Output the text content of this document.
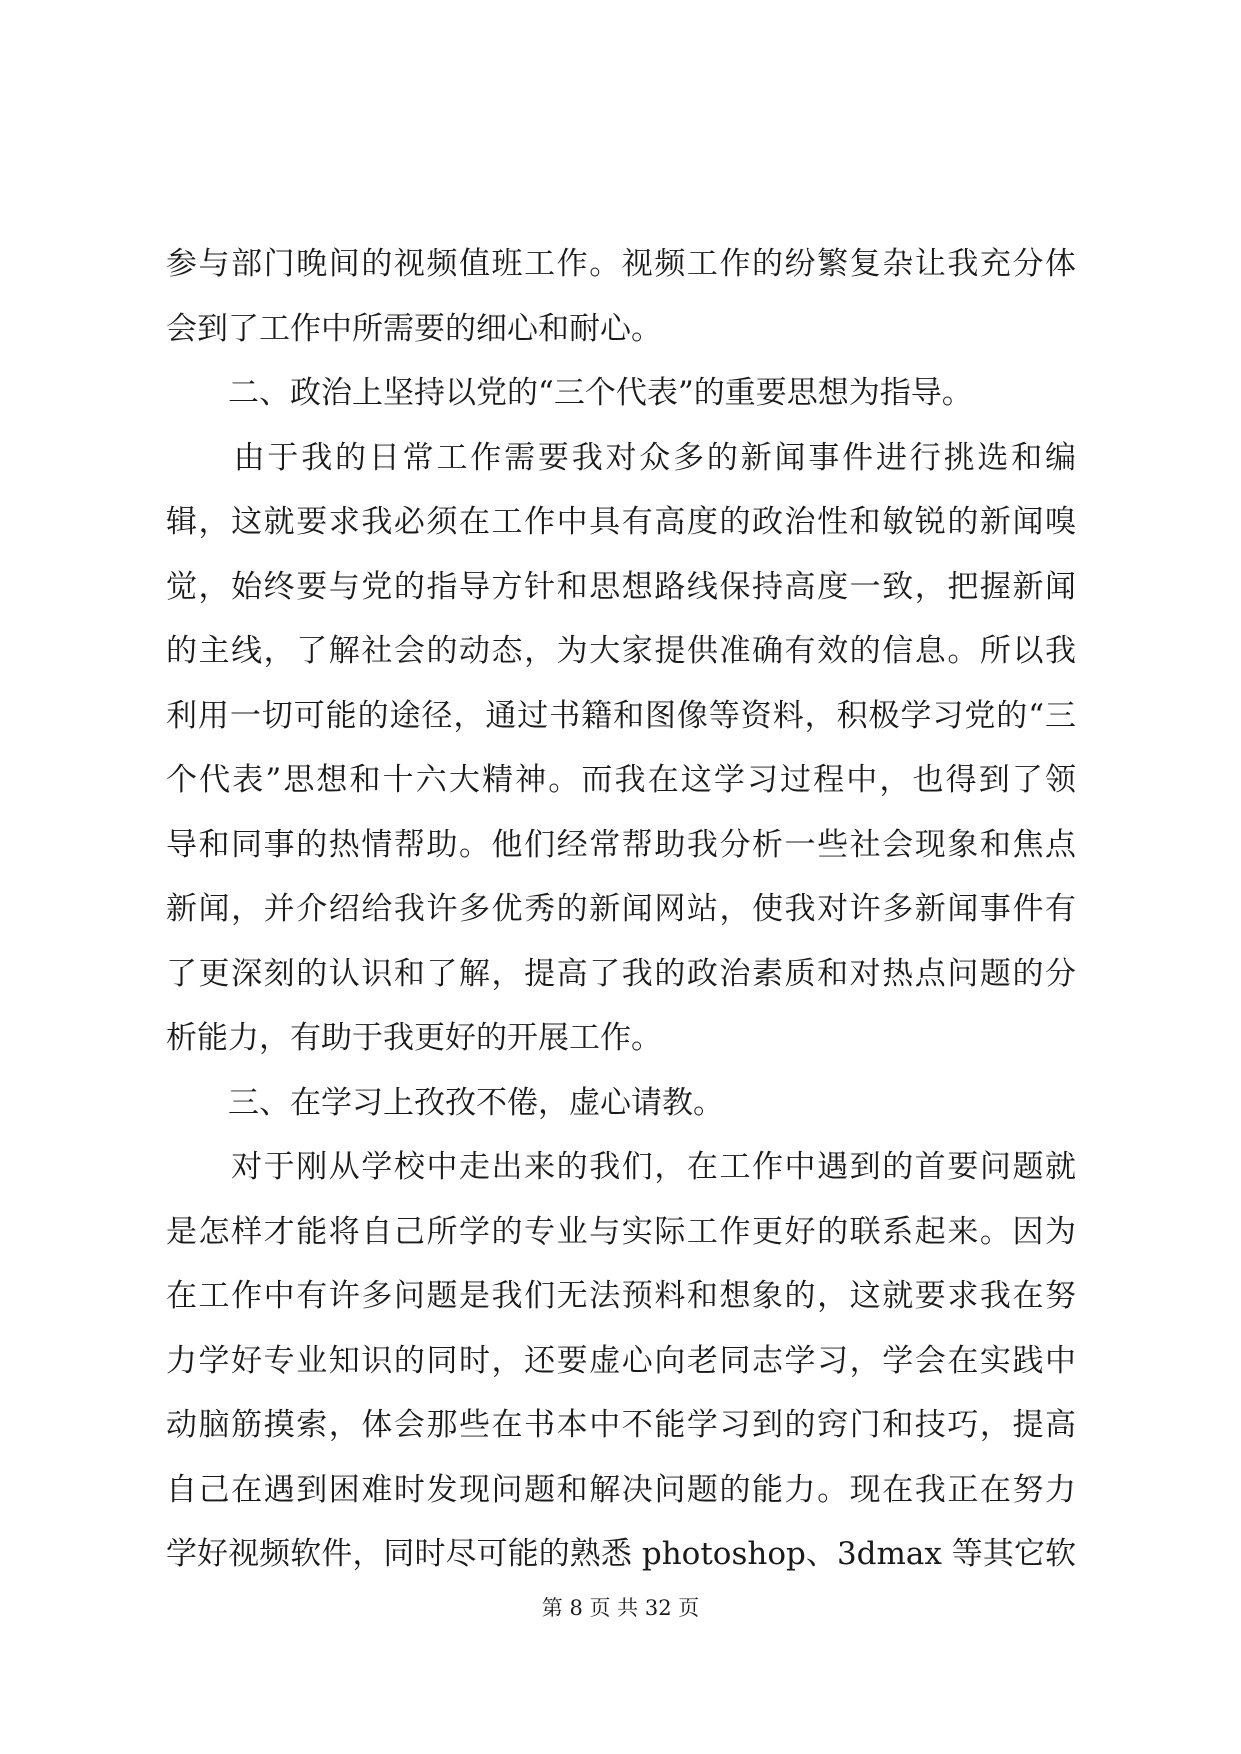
参与部门晚间的视频值班工作。视频工作的纷繁复杂让我充分体
会到了工作中所需要的细心和耐心。
　　二、政治上坚持以党的“三个代表”的重要思想为指导。
　　由于我的日常工作需要我对众多的新闻事件进行挑选和编
辑，这就要求我必须在工作中具有高度的政治性和敏锐的新闻嗅
觉，始终要与党的指导方针和思想路线保持高度一致，把握新闻
的主线，了解社会的动态，为大家提供准确有效的信息。所以我
利用一切可能的途径，通过书籍和图像等资料，积极学习党的“三
个代表”思想和十六大精神。而我在这学习过程中，也得到了领
导和同事的热情帮助。他们经常帮助我分析一些社会现象和焦点
新闻，并介绍给我许多优秀的新闻网站，使我对许多新闻事件有
了更深刻的认识和了解，提高了我的政治素质和对热点问题的分
析能力，有助于我更好的开展工作。
　　三、在学习上孜孜不倦，虚心请教。
　　对于刚从学校中走出来的我们，在工作中遇到的首要问题就
是怎样才能将自己所学的专业与实际工作更好的联系起来。因为
在工作中有许多问题是我们无法预料和想象的，这就要求我在努
力学好专业知识的同时，还要虚心向老同志学习，学会在实践中
动脑筋摸索，体会那些在书本中不能学习到的窍门和技巧，提高
自己在遇到困难时发现问题和解决问题的能力。现在我正在努力
学好视频软件，同时尽可能的熟悉 photoshop、3dmax 等其它软
第 8 页 共 32 页
